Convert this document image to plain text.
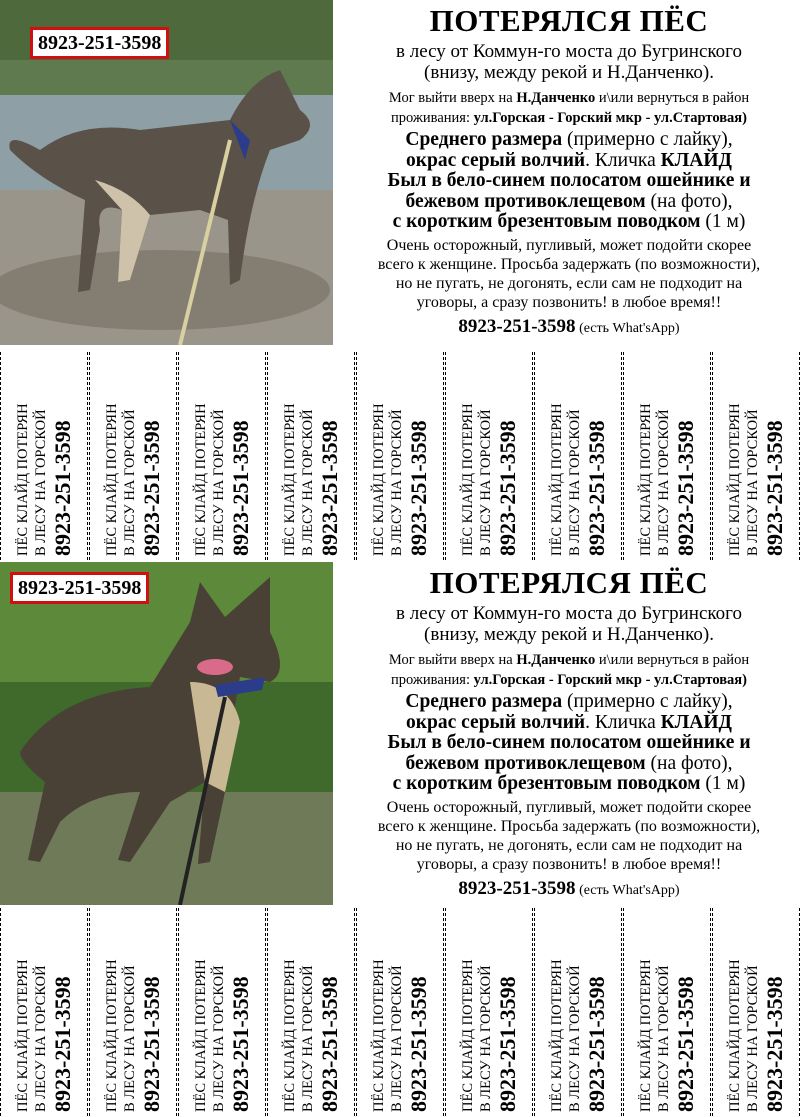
8923-251-3598
ПОТЕРЯЛСЯ ПЁС
в лесу от Коммун-го моста до Бугринского
(внизу, между рекой и Н.Данченко).
Мог выйти вверх на Н.Данченко и\или вернуться в район
проживания: ул.Горская - Горский мкр - ул.Стартовая)
Среднего размера (примерно с лайку),
окрас серый волчий. Кличка КЛАЙД
Был в бело-синем полосатом ошейнике и
бежевом противоклещевом (на фото),
с коротким брезентовым поводком (1 м)
Очень осторожный, пугливый, может подойти скорее
всего к женщине. Просьба задержать (по возможности),
но не пугать, не догонять, если сам не подходит на
уговоры, а сразу позвонить! в любое время!!
8923-251-3598 (есть What'sApp)
ПЁС КЛАЙД ПОТЕРЯН В ЛЕСУ НА ГОРСКОЙ 8923-251-3598 ПЁС КЛАЙД ПОТЕРЯН В ЛЕСУ НА ГОРСКОЙ 8923-251-3598 ПЁС КЛАЙД ПОТЕРЯН В ЛЕСУ НА ГОРСКОЙ 8923-251-3598 ПЁС КЛАЙД ПОТЕРЯН В ЛЕСУ НА ГОРСКОЙ 8923-251-3598 ПЁС КЛАЙД ПОТЕРЯН В ЛЕСУ НА ГОРСКОЙ 8923-251-3598 ПЁС КЛАЙД ПОТЕРЯН В ЛЕСУ НА ГОРСКОЙ 8923-251-3598 ПЁС КЛАЙД ПОТЕРЯН В ЛЕСУ НА ГОРСКОЙ 8923-251-3598 ПЁС КЛАЙД ПОТЕРЯН В ЛЕСУ НА ГОРСКОЙ 8923-251-3598 ПЁС КЛАЙД ПОТЕРЯН В ЛЕСУ НА ГОРСКОЙ 8923-251-3598
8923-251-3598	ПОТЕРЯЛСЯ ПЁС
в лесу от Коммун-го моста до Бугринского
(внизу, между рекой и Н.Данченко).
Мог выйти вверх на Н.Данченко и\или вернуться в район
проживания: ул.Горская - Горский мкр - ул.Стартовая)
Среднего размера (примерно с лайку),
окрас серый волчий. Кличка КЛАЙД
Был в бело-синем полосатом ошейнике и
бежевом противоклещевом (на фото),
с коротким брезентовым поводком (1 м)
Очень осторожный, пугливый, может подойти скорее
всего к женщине. Просьба задержать (по возможности),
но не пугать, не догонять, если сам не подходит на
уговоры, а сразу позвонить! в любое время!!
8923-251-3598 (есть What'sApp)
ПЁС КЛАЙД ПОТЕРЯН В ЛЕСУ НА ГОРСКОЙ 8923-251-3598 ПЁС КЛАЙД ПОТЕРЯН В ЛЕСУ НА ГОРСКОЙ 8923-251-3598 ПЁС КЛАЙД ПОТЕРЯН В ЛЕСУ НА ГОРСКОЙ 8923-251-3598 ПЁС КЛАЙД ПОТЕРЯН В ЛЕСУ НА ГОРСКОЙ 8923-251-3598 ПЁС КЛАЙД ПОТЕРЯН В ЛЕСУ НА ГОРСКОЙ 8923-251-3598 ПЁС КЛАЙД ПОТЕРЯН В ЛЕСУ НА ГОРСКОЙ 8923-251-3598 ПЁС КЛАЙД ПОТЕРЯН В ЛЕСУ НА ГОРСКОЙ 8923-251-3598 ПЁС КЛАЙД ПОТЕРЯН В ЛЕСУ НА ГОРСКОЙ 8923-251-3598 ПЁС КЛАЙД ПОТЕРЯН В ЛЕСУ НА ГОРСКОЙ 8923-251-3598
